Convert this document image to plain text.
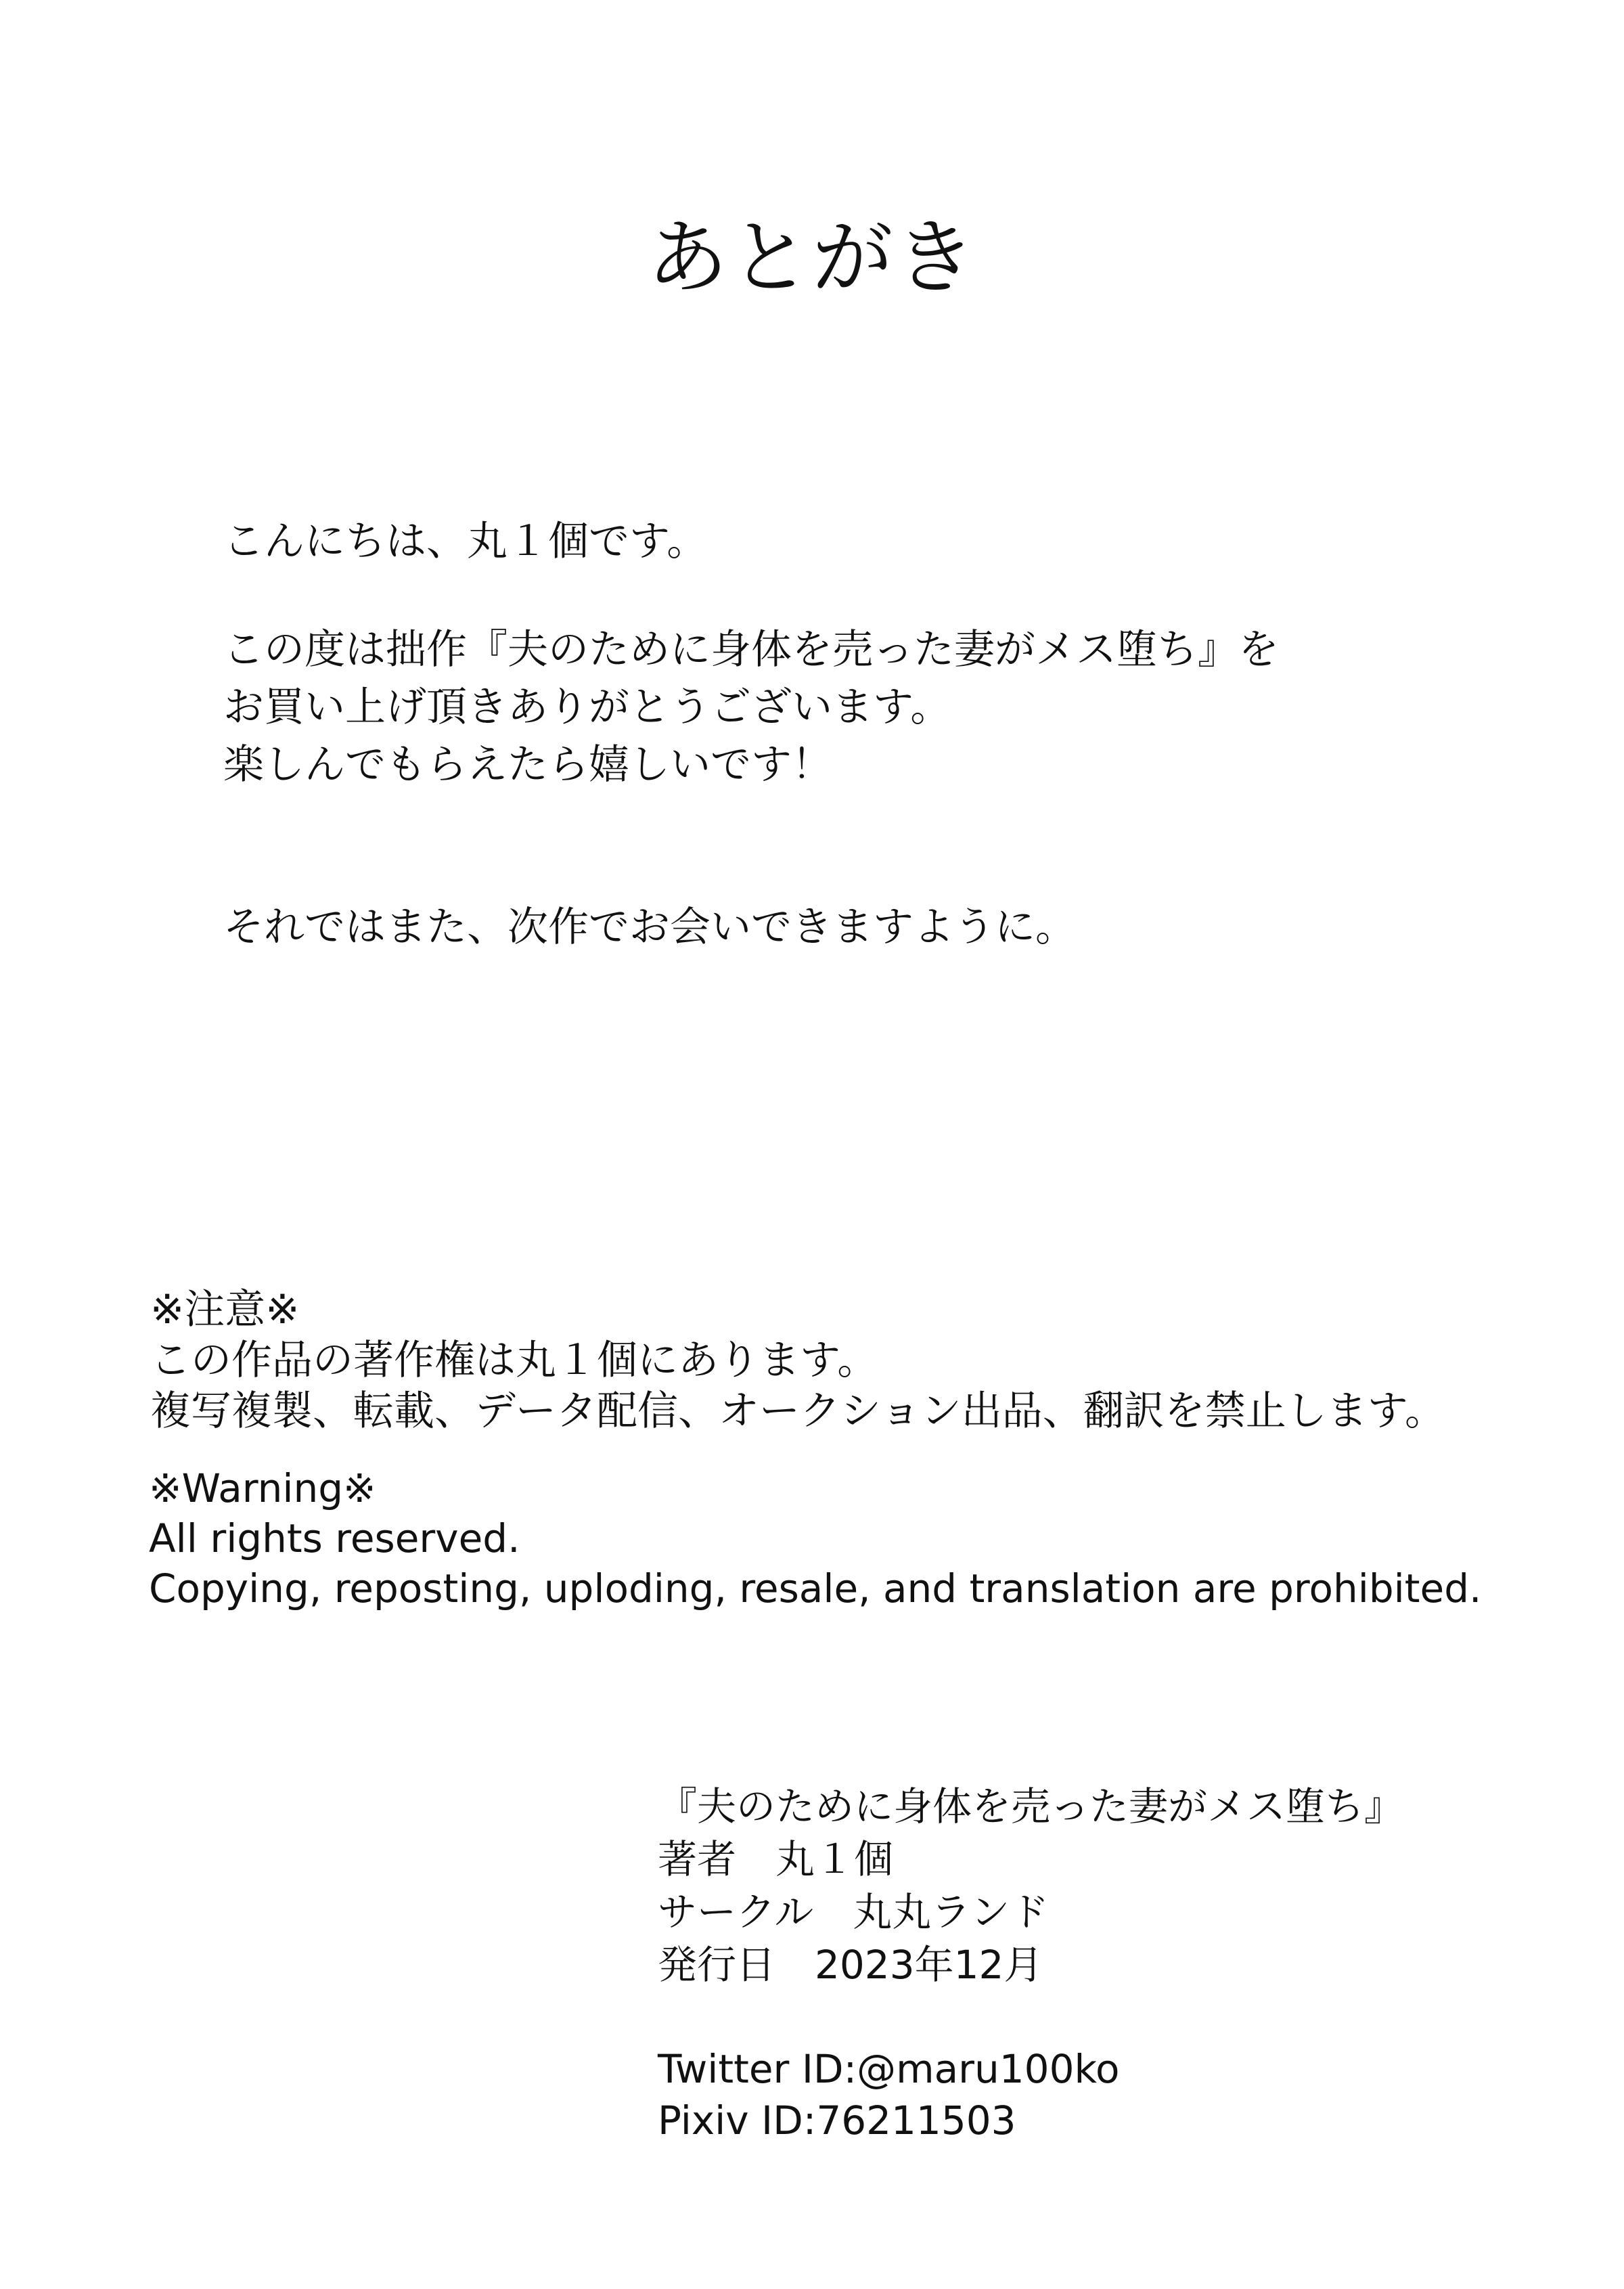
あとがき
こんにちは、丸１個です。
この度は拙作『夫のために身体を売った妻がメス堕ち』を
お買い上げ頂きありがとうございます。
楽しんでもらえたら嬉しいです！
それではまた、次作でお会いできますように。
※注意※
この作品の著作権は丸１個にあります。
複写複製、転載、データ配信、オークション出品、翻訳を禁止します。
※Warning※
All rights reserved.
Copying, reposting, uploding, resale, and translation are prohibited.
『夫のために身体を売った妻がメス堕ち』
著者　丸１個
サークル　丸丸ランド
発行日　2023年12月
Twitter ID:@maru100ko
Pixiv ID:76211503
